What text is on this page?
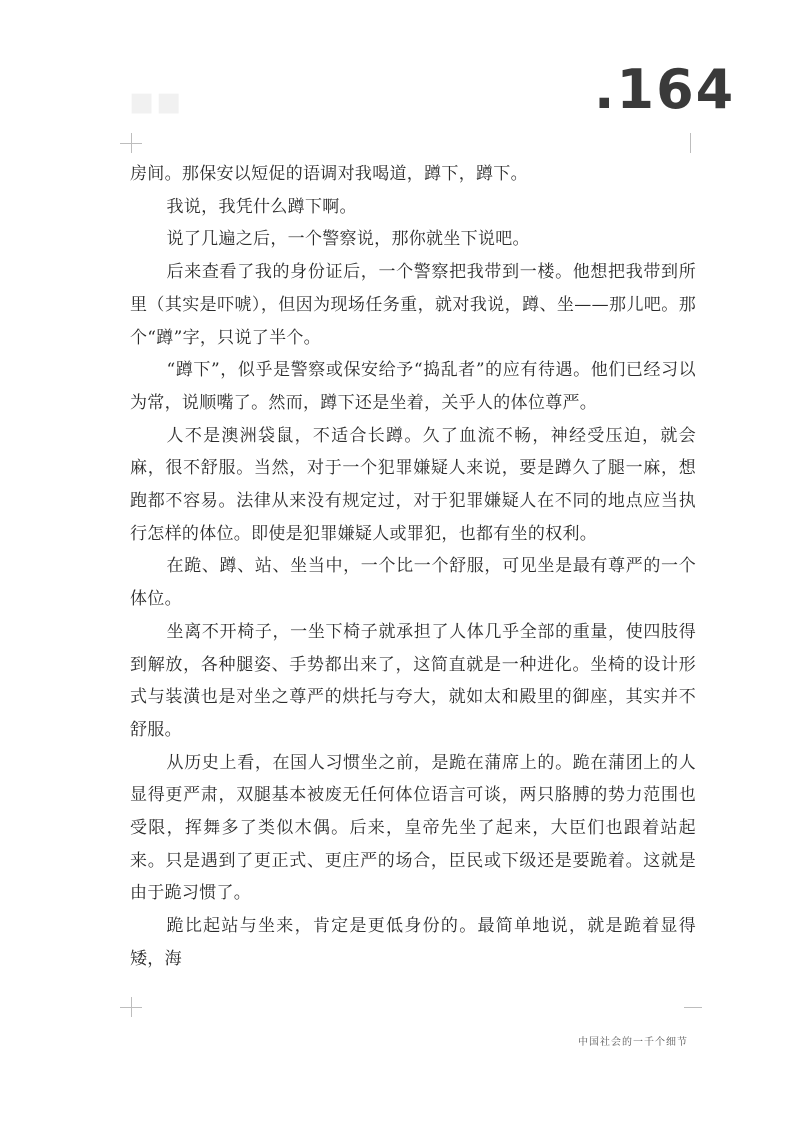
▪▪	.164

房间。那保安以短促的语调对我喝道，蹲下，蹲下。

我说，我凭什么蹲下啊。

说了几遍之后，一个警察说，那你就坐下说吧。

后来查看了我的身份证后，一个警察把我带到一楼。他想把我带到所里（其实是吓唬），但因为现场任务重，就对我说，蹲、坐——那儿吧。那个“蹲”字，只说了半个。

“蹲下”，似乎是警察或保安给予“捣乱者”的应有待遇。他们已经习以为常，说顺嘴了。然而，蹲下还是坐着，关乎人的体位尊严。

人不是澳洲袋鼠，不适合长蹲。久了血流不畅，神经受压迫，就会麻，很不舒服。当然，对于一个犯罪嫌疑人来说，要是蹲久了腿一麻，想跑都不容易。法律从来没有规定过，对于犯罪嫌疑人在不同的地点应当执行怎样的体位。即使是犯罪嫌疑人或罪犯，也都有坐的权利。

在跪、蹲、站、坐当中，一个比一个舒服，可见坐是最有尊严的一个体位。

坐离不开椅子，一坐下椅子就承担了人体几乎全部的重量，使四肢得到解放，各种腿姿、手势都出来了，这简直就是一种进化。坐椅的设计形式与装潢也是对坐之尊严的烘托与夸大，就如太和殿里的御座，其实并不舒服。

从历史上看，在国人习惯坐之前，是跪在蒲席上的。跪在蒲团上的人显得更严肃，双腿基本被废无任何体位语言可谈，两只胳膊的势力范围也受限，挥舞多了类似木偶。后来，皇帝先坐了起来，大臣们也跟着站起来。只是遇到了更正式、更庄严的场合，臣民或下级还是要跪着。这就是由于跪习惯了。

跪比起站与坐来，肯定是更低身份的。最简单地说，就是跪着显得矮，海

中国社会的一千个细节
